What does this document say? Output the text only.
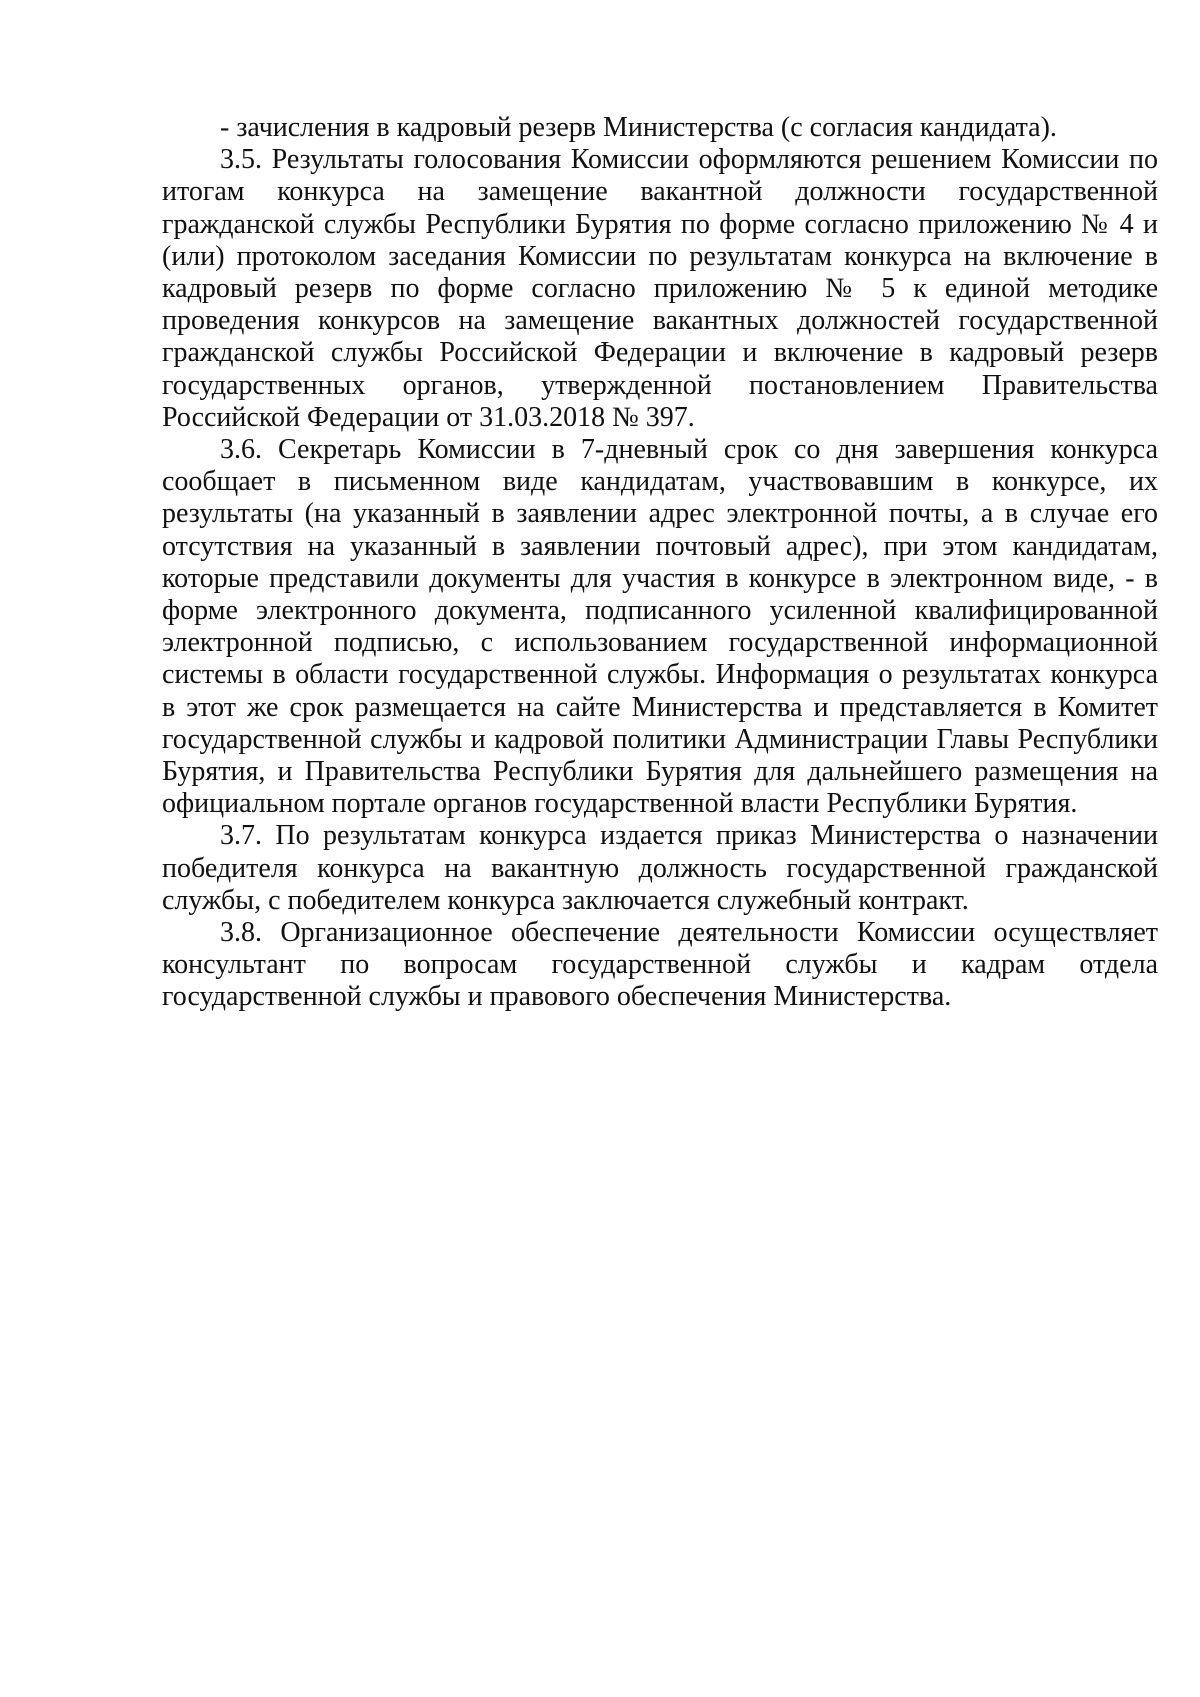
- зачисления в кадровый резерв Министерства (с согласия кандидата).

3.5. Результаты голосования Комиссии оформляются решением Комиссии по итогам конкурса на замещение вакантной должности государственной гражданской службы Республики Бурятия по форме согласно приложению № 4 и (или) протоколом заседания Комиссии по результатам конкурса на включение в кадровый резерв по форме согласно приложению № 5 к единой методике проведения конкурсов на замещение вакантных должностей государственной гражданской службы Российской Федерации и включение в кадровый резерв государственных органов, утвержденной постановлением Правительства Российской Федерации от 31.03.2018 № 397.

3.6. Секретарь Комиссии в 7-дневный срок со дня завершения конкурса сообщает в письменном виде кандидатам, участвовавшим в конкурсе, их результаты (на указанный в заявлении адрес электронной почты, а в случае его отсутствия на указанный в заявлении почтовый адрес), при этом кандидатам, которые представили документы для участия в конкурсе в электронном виде, - в форме электронного документа, подписанного усиленной квалифицированной электронной подписью, с использованием государственной информационной системы в области государственной службы. Информация о результатах конкурса в этот же срок размещается на сайте Министерства и представляется в Комитет государственной службы и кадровой политики Администрации Главы Республики Бурятия, и Правительства Республики Бурятия для дальнейшего размещения на официальном портале органов государственной власти Республики Бурятия.

3.7. По результатам конкурса издается приказ Министерства о назначении победителя конкурса на вакантную должность государственной гражданской службы, с победителем конкурса заключается служебный контракт.

3.8. Организационное обеспечение деятельности Комиссии осуществляет консультант по вопросам государственной службы и кадрам отдела государственной службы и правового обеспечения Министерства.
